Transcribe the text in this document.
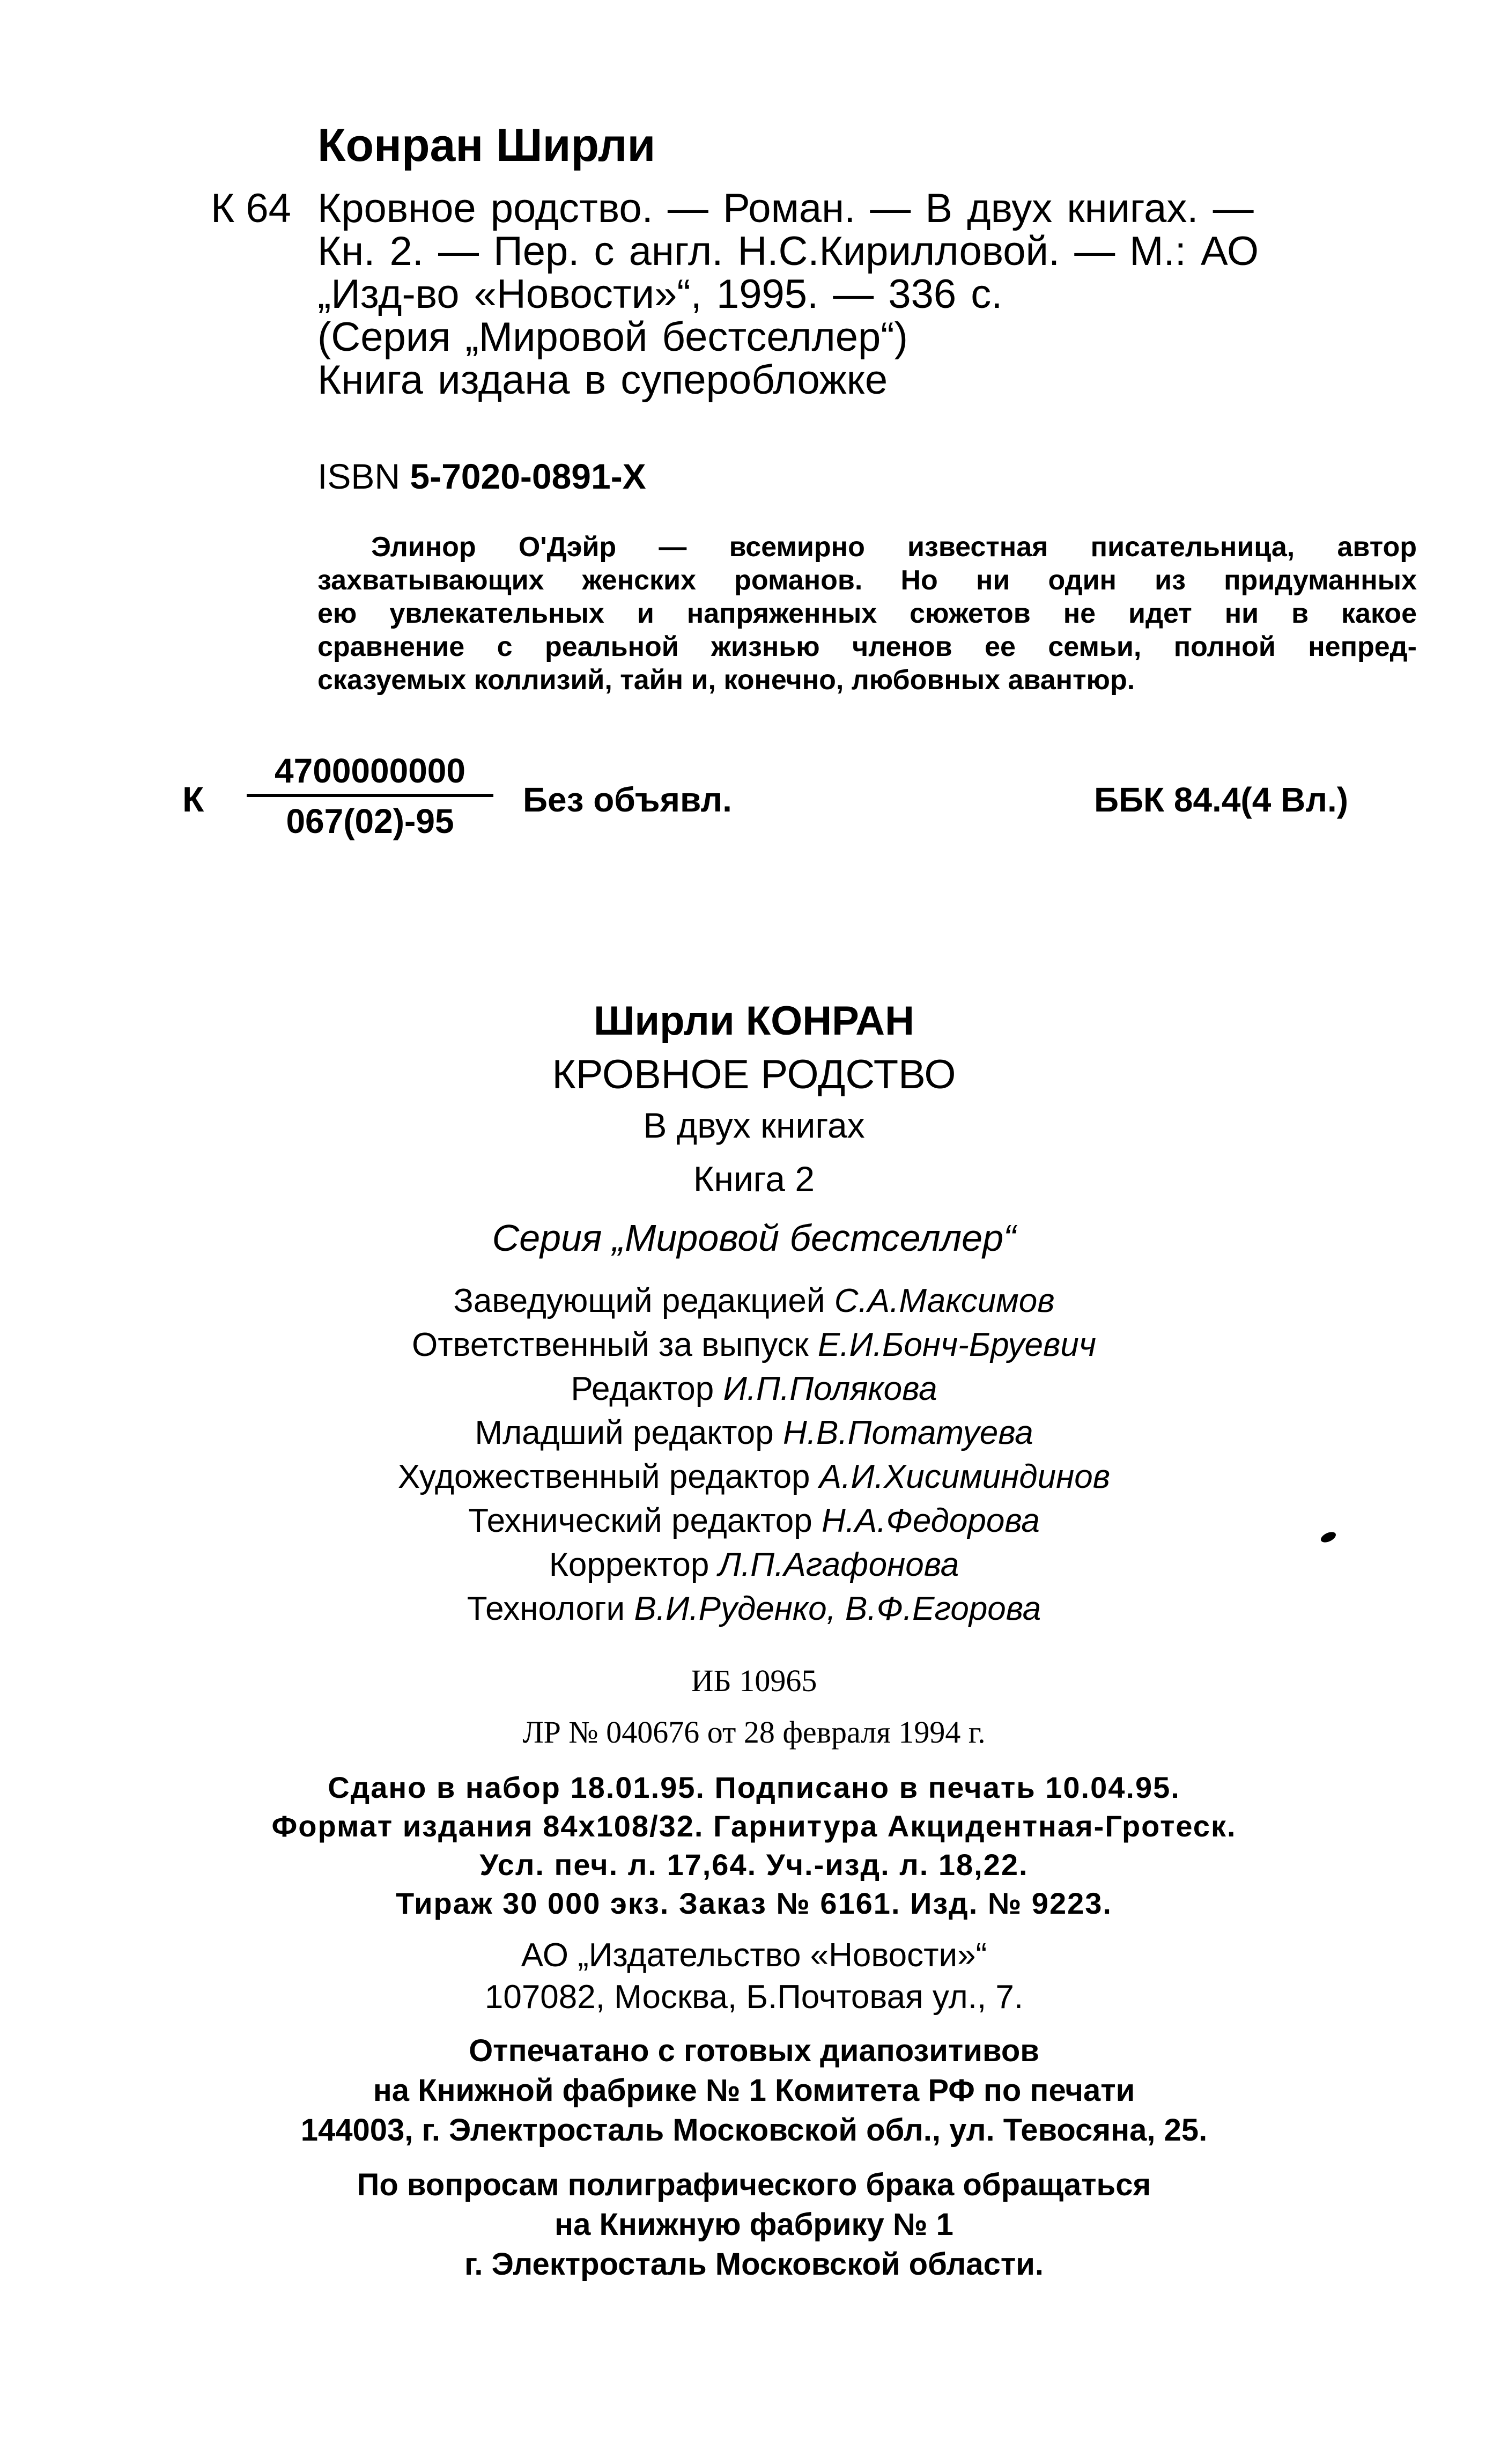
Конран Ширли
К 64 Кровное родство. — Роман. — В двух книгах. —
Кн. 2. — Пер. с англ. Н.С.Кирилловой. — М.: АО
„Изд-во «Новости»“, 1995. — 336 с.
(Серия „Мировой бестселлер“)
Книга издана в суперобложке
ISBN 5-7020-0891-X
Элинор О'Дэйр — всемирно известная писательница, автор
захватывающих женских романов. Но ни один из придуманных
ею увлекательных и напряженных сюжетов не идет ни в какое
сравнение с реальной жизнью членов ее семьи, полной непред-
сказуемых коллизий, тайн и, конечно, любовных авантюр.
К
4700000000
067(02)-95
Без объявл.	ББК 84.4(4 Вл.)
Ширли КОНРАН
КРОВНОЕ РОДСТВО
В двух книгах
Книга 2
Серия „Мировой бестселлер“
Заведующий редакцией С.А.Максимов
Ответственный за выпуск Е.И.Бонч-Бруевич
Редактор И.П.Полякова
Младший редактор Н.В.Потатуева
Художественный редактор А.И.Хисиминдинов
Технический редактор Н.А.Федорова
Корректор Л.П.Агафонова
Технологи В.И.Руденко, В.Ф.Егорова
ИБ 10965
ЛР № 040676 от 28 февраля 1994 г.
Сдано в набор 18.01.95. Подписано в печать 10.04.95.
Формат издания 84х108/32. Гарнитура Акцидентная-Гротеск.
Усл. печ. л. 17,64. Уч.-изд. л. 18,22.
Тираж 30 000 экз. Заказ № 6161. Изд. № 9223.
АО „Издательство «Новости»“
107082, Москва, Б.Почтовая ул., 7.
Отпечатано с готовых диапозитивов
на Книжной фабрике № 1 Комитета РФ по печати
144003, г. Электросталь Московской обл., ул. Тевосяна, 25.
По вопросам полиграфического брака обращаться
на Книжную фабрику № 1
г. Электросталь Московской области.
